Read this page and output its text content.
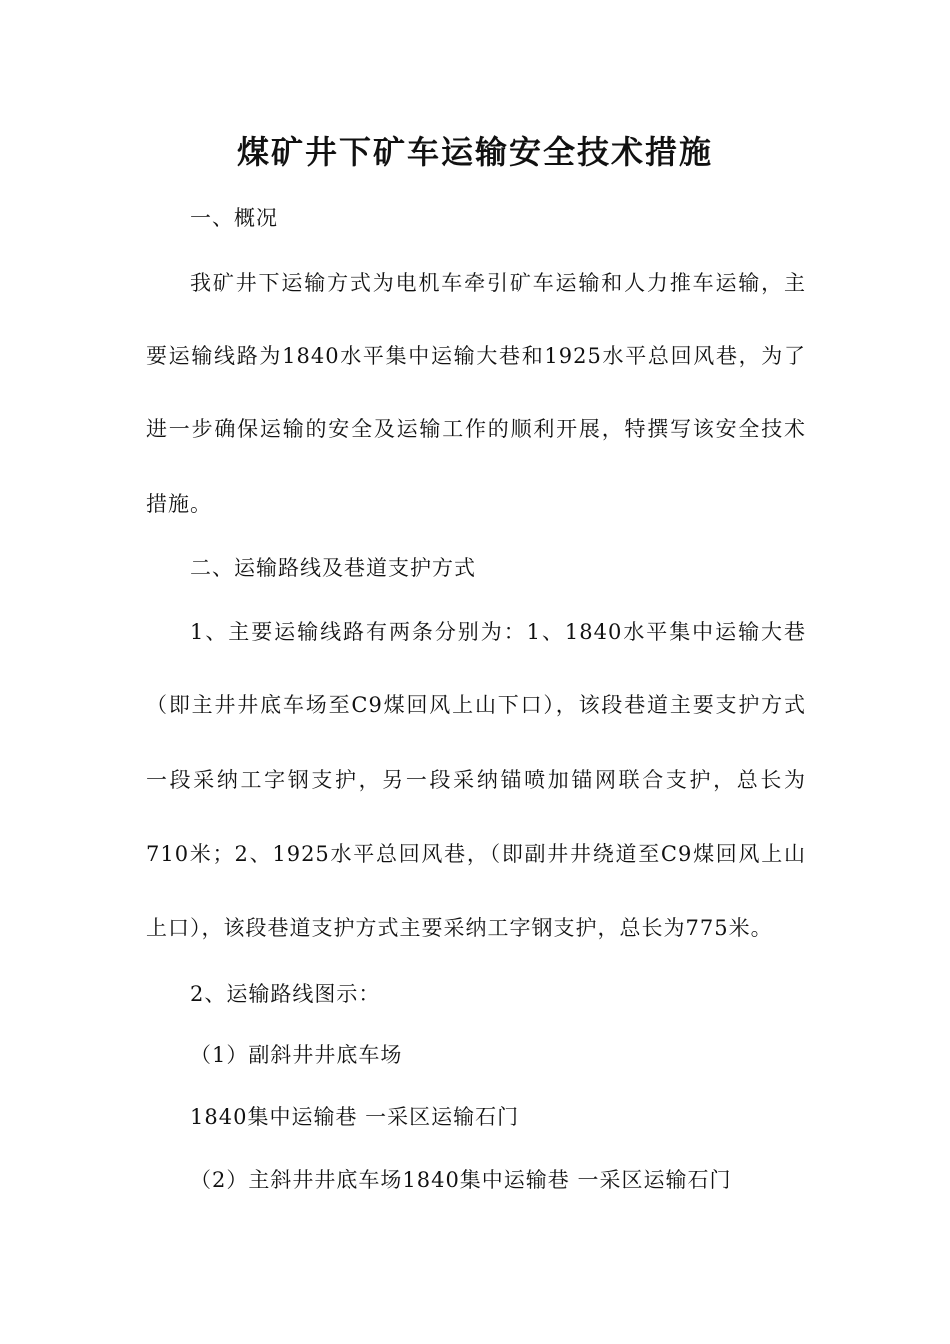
煤矿井下矿车运输安全技术措施
一、概况
我矿井下运输方式为电机车牵引矿车运输和人力推车运输，主
要运输线路为1840水平集中运输大巷和1925水平总回风巷，为了
进一步确保运输的安全及运输工作的顺利开展，特撰写该安全技术
措施。
二、运输路线及巷道支护方式
1、主要运输线路有两条分别为：1、1840水平集中运输大巷
（即主井井底车场至C9煤回风上山下口），该段巷道主要支护方式
一段采纳工字钢支护，另一段采纳锚喷加锚网联合支护，总长为
710米；2、1925水平总回风巷，（即副井井绕道至C9煤回风上山
上口），该段巷道支护方式主要采纳工字钢支护，总长为775米。
2、运输路线图示：
（1）副斜井井底车场
1840集中运输巷 一采区运输石门
（2）主斜井井底车场1840集中运输巷 一采区运输石门
